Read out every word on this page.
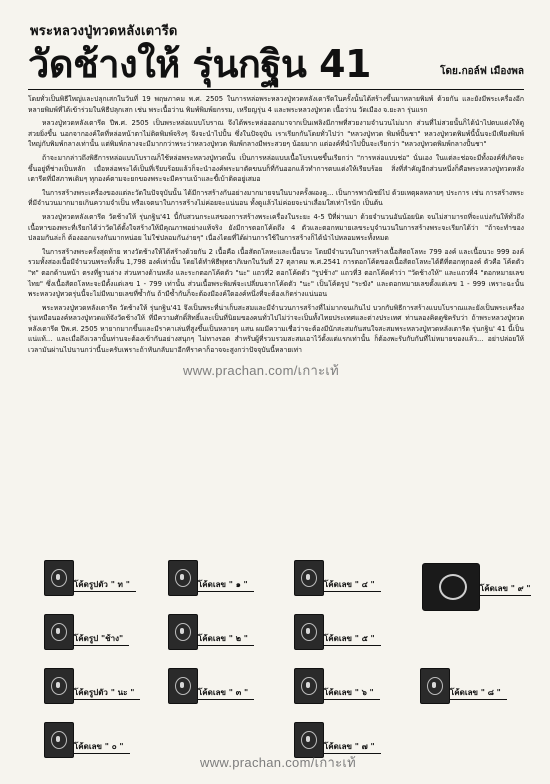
พระหลวงปู่ทวดหลังเตารีด
วัดช้างให้ รุ่นกฐิน 41	โดย.กอล์ฟ เมืองพล

โดยทั่วเป็นพิธีใหญ่และปลุกเสกในวันที่ 19 พฤษภาคม พ.ศ. 2505 ในการหล่อพระหลวงปู่ทวดหลังเตารีดในครั้งนั้นได้สร้างขึ้นมาหลายพิมพ์ ด้วยกัน และยังมีพระเครื่องอีกหลายพิมพ์ที่ได้เข้าร่วมในพิธีปลุกเสก เช่น พระเนื้อว่าน พิมพ์พิมพ์ยกรรม, เหรียญรุ่น 4 และพระหลวงปู่ทวด เนื้อว่าน วัดเมือง จ.ยะลา รุ่นแรก

หลวงปู่ทวดหลังเตารีด ปีพ.ศ. 2505 เป็นพระหล่อแบบโบราณ จึงได้พระหล่อออกมาจากเป็นเพลิงมีภาพที่สวยงามจำนวนไม่มาก ส่วนที่ไม่สวยนั้นก็ได้นำไปตบแต่งให้ดูสวยยิ่งขึ้น นอกจากองค์ใดที่หล่อหน้าตาไม่ติดพิมพ์จริงๆ จึงจะนำไปปั้น ซึ่งในปัจจุบัน เราเรียกกันโดยทั่วไปว่า "หลวงปู่ทวด พิมพ์ปั้นชา" หลวงปู่ทวดพิมพ์นี้นั้นจะมีเพียงพิมพ์ใหญ่กับพิมพ์กลางเท่านั้น แต่พิมพ์กลางจะมีมากกว่าพระว่าหลวงปู่ทวด พิมพ์กลางมีพระสวยๆ น้อยมาก แต่องค์ที่นำไปปั้นจะเรียกว่า "หลวงปู่ทวดพิมพ์กลางปั้นชา"

ถ้าจะมากล่าวถึงพิธีการหล่อแบบโบราณก็ใช้หล่อพระหลวงปู่ทวดนั้น เป็นการหล่อแบบเนื้อโบรเนซขึ้นเรียกว่า "การหล่อแบบช่อ" นั่นเอง ในแต่ละช่อจะมีทั้งองค์ที่เกิดจะขึ้นอยู่ที่ช่างเป็นหลัก เมื่อหล่อพระได้เป็นที่เรียบร้อยแล้วก็จะนำองค์พระมาตัดขนบก็ที่กันออกแล้วทำการตบแต่งให้เรียบร้อย สิ่งที่สำคัญอีกส่วนหนึ่งก็คือพระหลวงปู่ทวดหลังเตารีดที่มีสภาพเดิมๆ ทุกองค์ตามจะยกของพระจะมีคราบเบ้าและขี้เบ้าติดอยู่เสมอ

ในการสร้างพระเครื่องของแต่ละวัดในปัจจุบันนั้น ได้มีการสร้างกันอย่างมากมายจนในบางครั้งผองคู... เป็นการพาณิชย์ไป ด้วยเหตุผลหลายๆ ประการ เช่น การสร้างพระที่มีจำนวนมากมายเกินความจำเป็น หรือเจตนาในการสร้างไม่ค่อยจะแน่นอน ทั้งดูแล้วไม่ค่อยจะน่าเลื่อมใสเท่าไรนัก เป็นต้น

หลวงปู่ทวดหลังเตารีด วัดช้างให้ รุ่นกฐิน'41 นี้กับสวนกระแสของการสร้างพระเครื่องในระยะ 4-5 ปีที่ผ่านมา ด้วยจำนวนอันน้อยนิด จนไม่สามารถที่จะแบ่งกันให้ทั่วถึง เนื้อหาของพระที่เรียกได้ว่าวัดได้ตั้งใจสร้างให้มีคุณภาพอย่างแท้จริง ยังมีการตอกโค้ดถึง 4 ตัวและตอกหมายเลขระบุจำนวนในการสร้างพระจะเรียกได้ว่า "ถ้าจะทำของปลอมกันล่ะก็ ต้องออกแรงกันมากหน่อย ไม่ใช่ปลอมกันง่ายๆ" เนื่องไดยที่ได้ผ่านการใช้ในการสร้างก็ได้นำไปหลอมพระทั้งหมด

ในการสร้างพระครั้งสุดท้าย ทางวัดช้างให้ได้สร้างด้วยกัน 2 เนื้อคือ เนื้อสัตถโลหะและเนื้อนวะ โดยมีจำนวนในการสร้างเนื้อสัตถโลหะ 799 องค์ และเนื้อนวะ 999 องค์ รวมทั้งสองเนื้อมีจำนวนพระทั้งสิ้น 1,798 องค์เท่านั้น โดยได้ทำพิธีพุทธาภิเษกในวันที่ 27 ตุลาคม พ.ศ.2541 การตอกโค้ดของเนื้อสัตถโลหะได้ตีที่ตอกทุกองค์ ตัวคือ โค้ดตัว "ท" ตอกด้านหน้า ตรงที่ฐานล่าง ส่วนทางด้านหลัง และระกตอกโค้ดตัว "นะ" แถวที่2 ตอกโค้ดตัว "รูปช้าง" แถวที่3 ตอกโค้ดคำว่า "วัดช้างให้" และแถวที่4 "ตอกหมายเลขไทย" ซึ่งเนื้อสัตถโลหะจะมีตั้งแต่เลข 1 - 799 เท่านั้น ส่วนเนื้อพระพิมพ์จะเปลี่ยนจากโค้ดตัว "นะ" เป็นโค้ดรูป "ระฆัง" และตอกหมายเลขตั้งแต่เลข 1 - 999 เพราะฉะนั้นพระหลวงปู่ทวดรุ่นนี้จะไม่มีหมายเลขที่ซ้ำกัน ถ้ามีซ้ำกันก็จะต้องมีองค์ใดองค์หนึ่งที่จะต้องเกิดร่างแน่นอน

พระหลวงปู่ทวดหลังเตารีด วัดช้างให้ รุ่นกฐิน'41 จึงเป็นพระที่น่าเก็บสะสมและมีจำนวนการสร้างที่ไม่มากจนเกินไป บวกกับพิธีการสร้างแบบโบราณและยังเป็นพระเครื่องรุ่นเหมือนองค์หลวงปู่ทวดแท้จังวัดช้างให้ ที่มีความศักดิ์สิทธิ์และเป็นที่นิยมของคนทั่วไปไม่ว่าจะเป็นทั้งไทยประเทศและต่างประเทศ ท่านลองคิดดูซิครับว่า ถ้าพระหลวงปู่ทวดหลังเตารีด ปีพ.ศ. 2505 หายากมากขึ้นและมีราคาเล่นที่สูงขึ้นเป็นหลายๆ แสน ผมมีความเชื่อว่าจะต้องมีนักสะสมกันสนใจสะสมพระหลวงปู่ทวดหลังเตารีด รุ่นกฐิน' 41 นี้เป็นแน่แท้... และเมื่อถึงเวลานั้นท่านจะต้องเข้ากันอย่างสนุกๆ ไม่ทางรอด สำหรับผู้ที่รวมรวมสะสมเอาไว้ตั้งแต่แรกเท่านั้น ก็ต้องพะรับกับกันที่ไม่หมายของแล้ว... อย่าปล่อยให้เวลามันผ่านไปนานกว่านี้นะครับเพราะถ้าหันกลับมาอีกทีราคาก็อาจจะสูงกว่าปัจจุบันนี้หลายเท่า

www.prachan.com/เกาะเท้
โค้ดรูปตัว " ท "
โค้ดรูป "ช้าง"
โค้ดรูปตัว " นะ "
โค้ดเลข " ๐ "
โค้ดเลข " ๑ "
โค้ดเลข " ๒ "
โค้ดเลข " ๓ "
โค้ดเลข " ๔ "
โค้ดเลข " ๕ "
โค้ดเลข " ๖ "
โค้ดเลข " ๗ "
โค้ดเลข " ๘ "
โค้ดเลข " ๙ "
www.prachan.com/เกาะเท้
